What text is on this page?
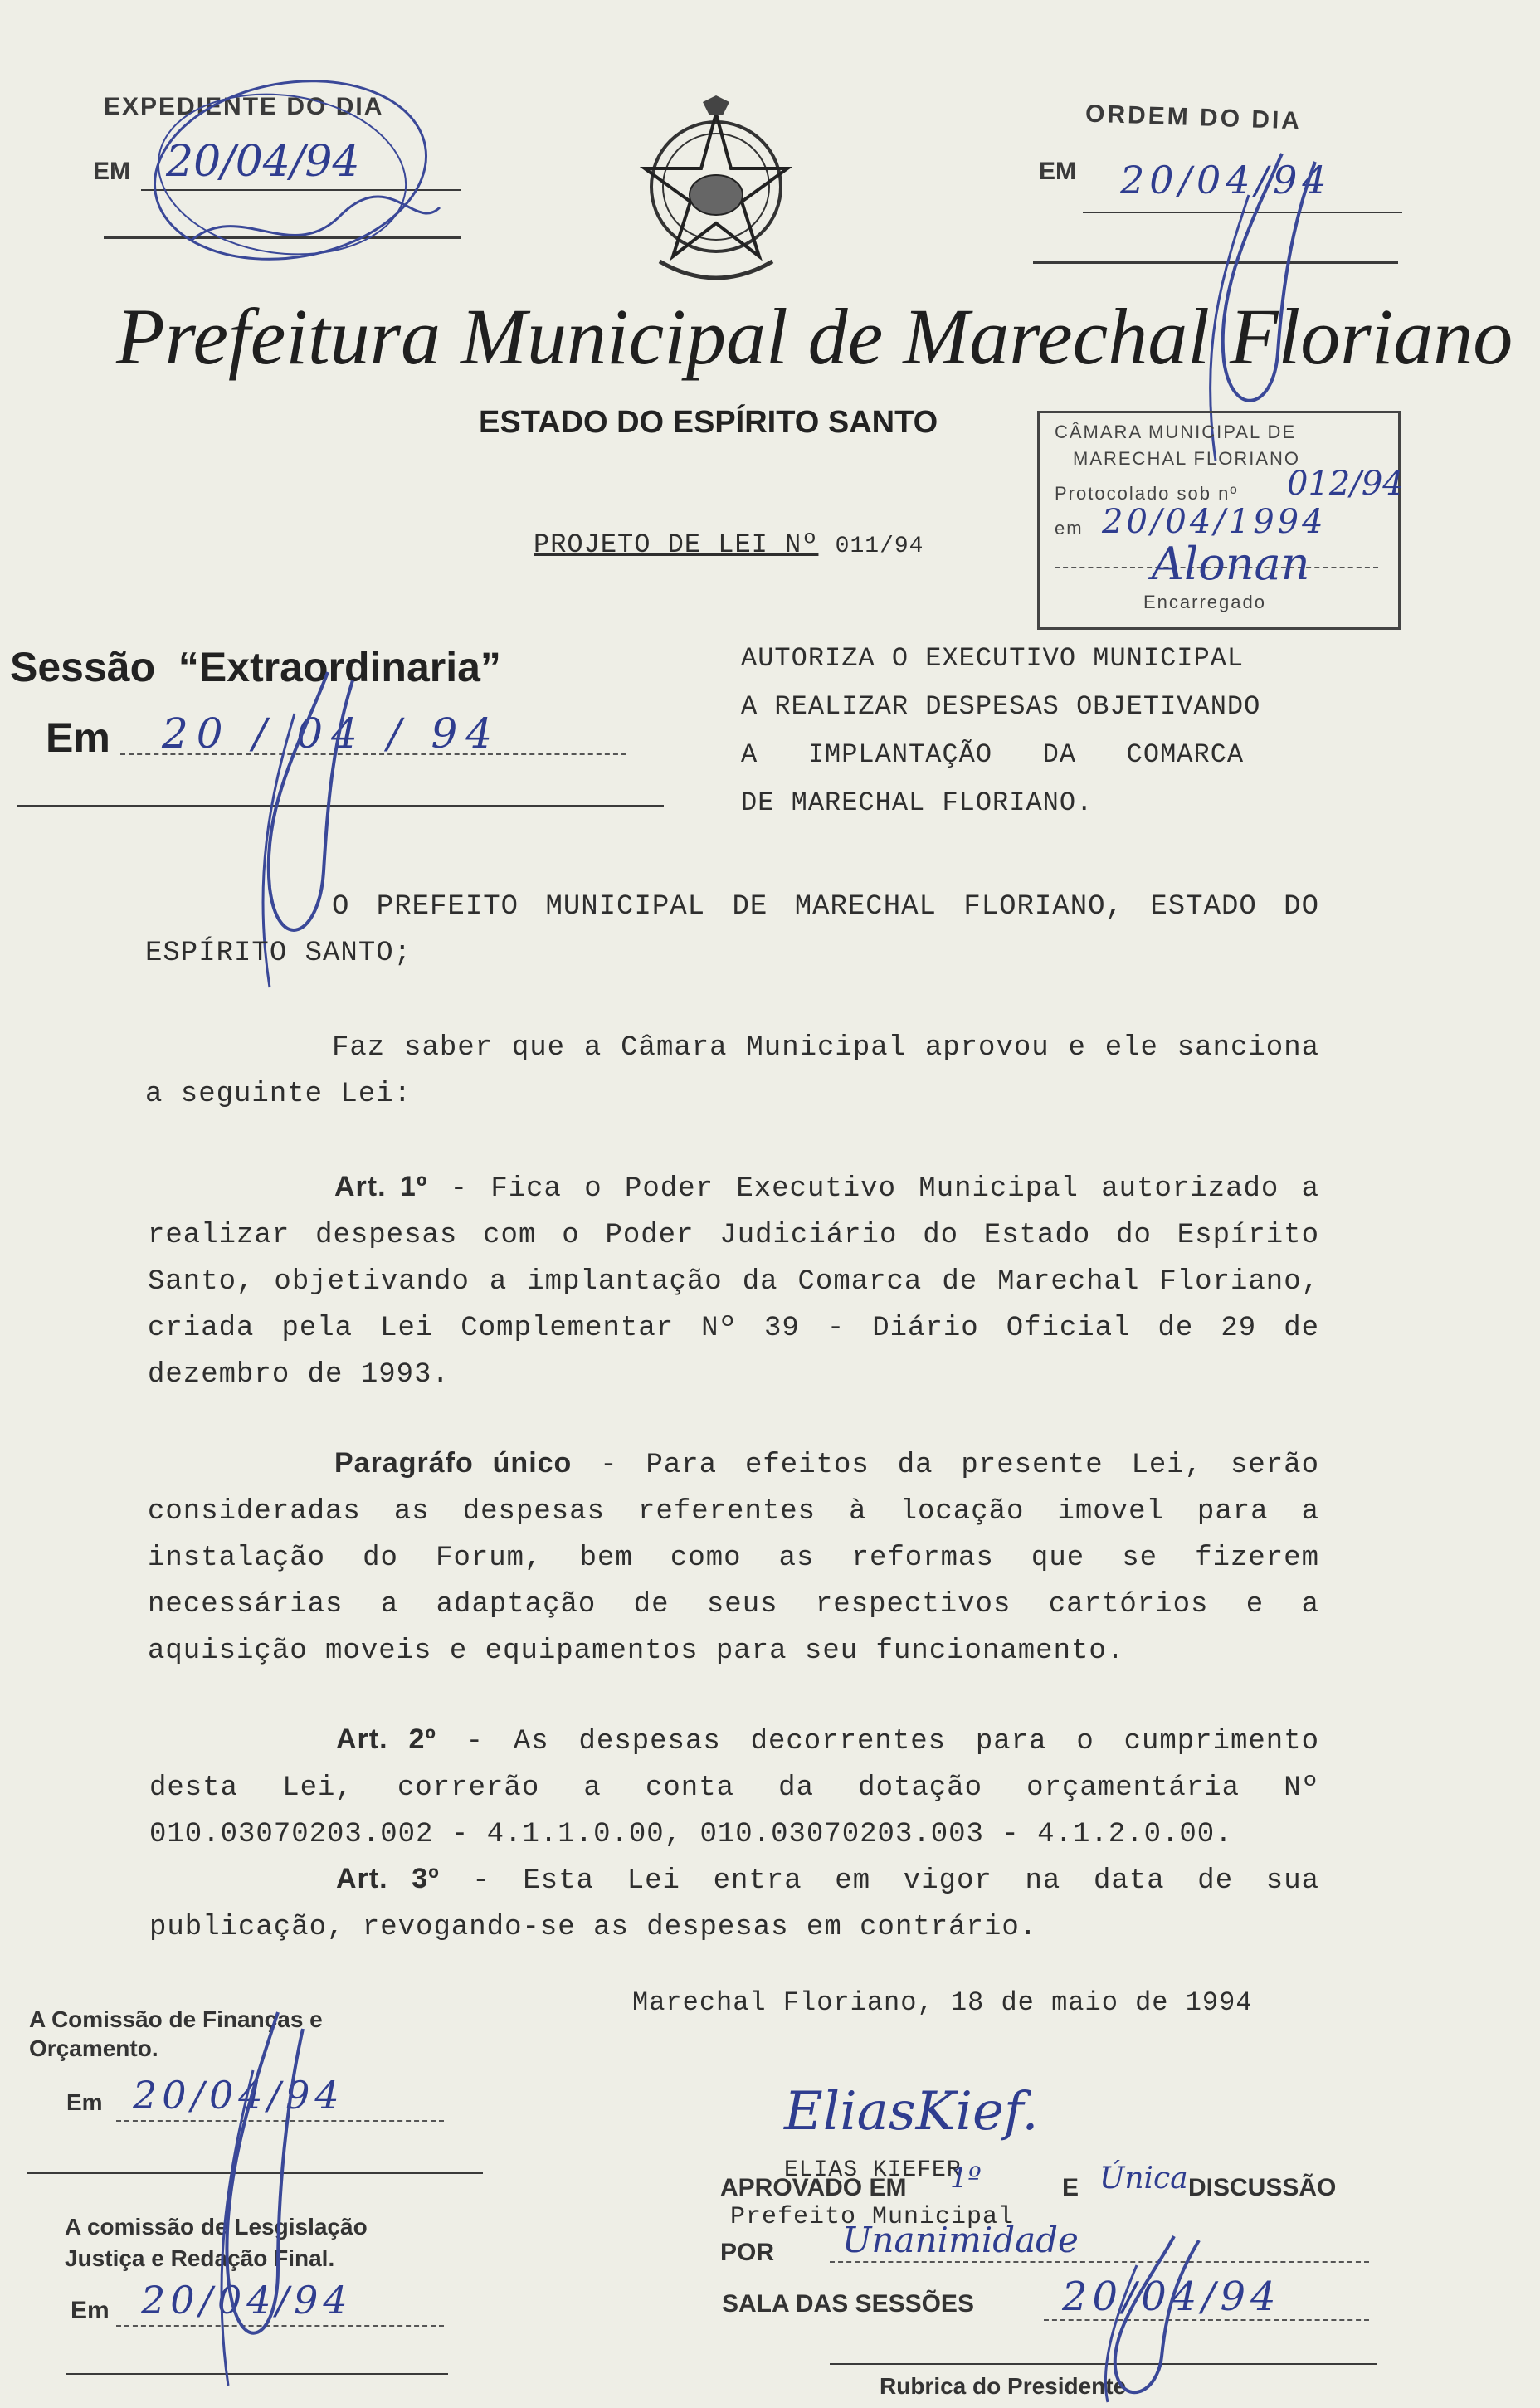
EXPEDIENTE DO DIA
EM 20/04/94
ORDEM DO DIA
EM 20/04/94
Prefeitura Municipal de Marechal Floriano
ESTADO DO ESPÍRITO SANTO	CÂMARA MUNICIPAL DE
MARECHAL FLORIANO
Protocolado sob nº 012/94
em 20/04/1994
Alonan
Encarregado
PROJETO DE LEI Nº 011/94
Sessão  “Extraordinaria”
Em 20 / 04 / 94
AUTORIZA O EXECUTIVO MUNICIPAL
A REALIZAR DESPESAS OBJETIVANDO
A   IMPLANTAÇÃO   DA   COMARCA
DE MARECHAL FLORIANO.
O PREFEITO MUNICIPAL DE MARECHAL FLORIANO, ESTADO DO ESPÍRITO SANTO;
Faz saber que a Câmara Municipal aprovou e ele sanciona a seguinte Lei:
Art. 1º - Fica o Poder Executivo Municipal autorizado a realizar despesas com o Poder Judiciário do Estado do Espírito Santo, objetivando a implantação da Comarca de Marechal Floriano, criada pela Lei Complementar Nº 39 - Diário Oficial de 29 de dezembro de 1993.
Paragráfo único - Para efeitos da presente Lei, serão consideradas as despesas referentes à locação imovel para a instalação do Forum, bem como as reformas que se fizerem necessárias a adaptação de seus respectivos cartórios e a aquisição moveis e equipamentos para seu funcionamento.
Art. 2º - As despesas decorrentes para o cumprimento desta Lei, correrão a conta da dotação orçamentária Nº 010.03070203.002 - 4.1.1.0.00, 010.03070203.003 - 4.1.2.0.00.
Art. 3º - Esta Lei entra em vigor na data de sua publicação, revogando-se as despesas em contrário.
Marechal Floriano, 18 de maio de 1994
A Comissão de Finanças e
Orçamento.
Em 20/04/94
A comissão de Lesgislação
Justiça e Redação Final.
Em 20/04/94
EliasKief.
ELIAS KIEFER
Prefeito Municipal
APROVADO EM 1º	E Única DISCUSSÃO
POR Unanimidade
SALA DAS SESSÕES 20/04/94
Rubrica do Presidente
